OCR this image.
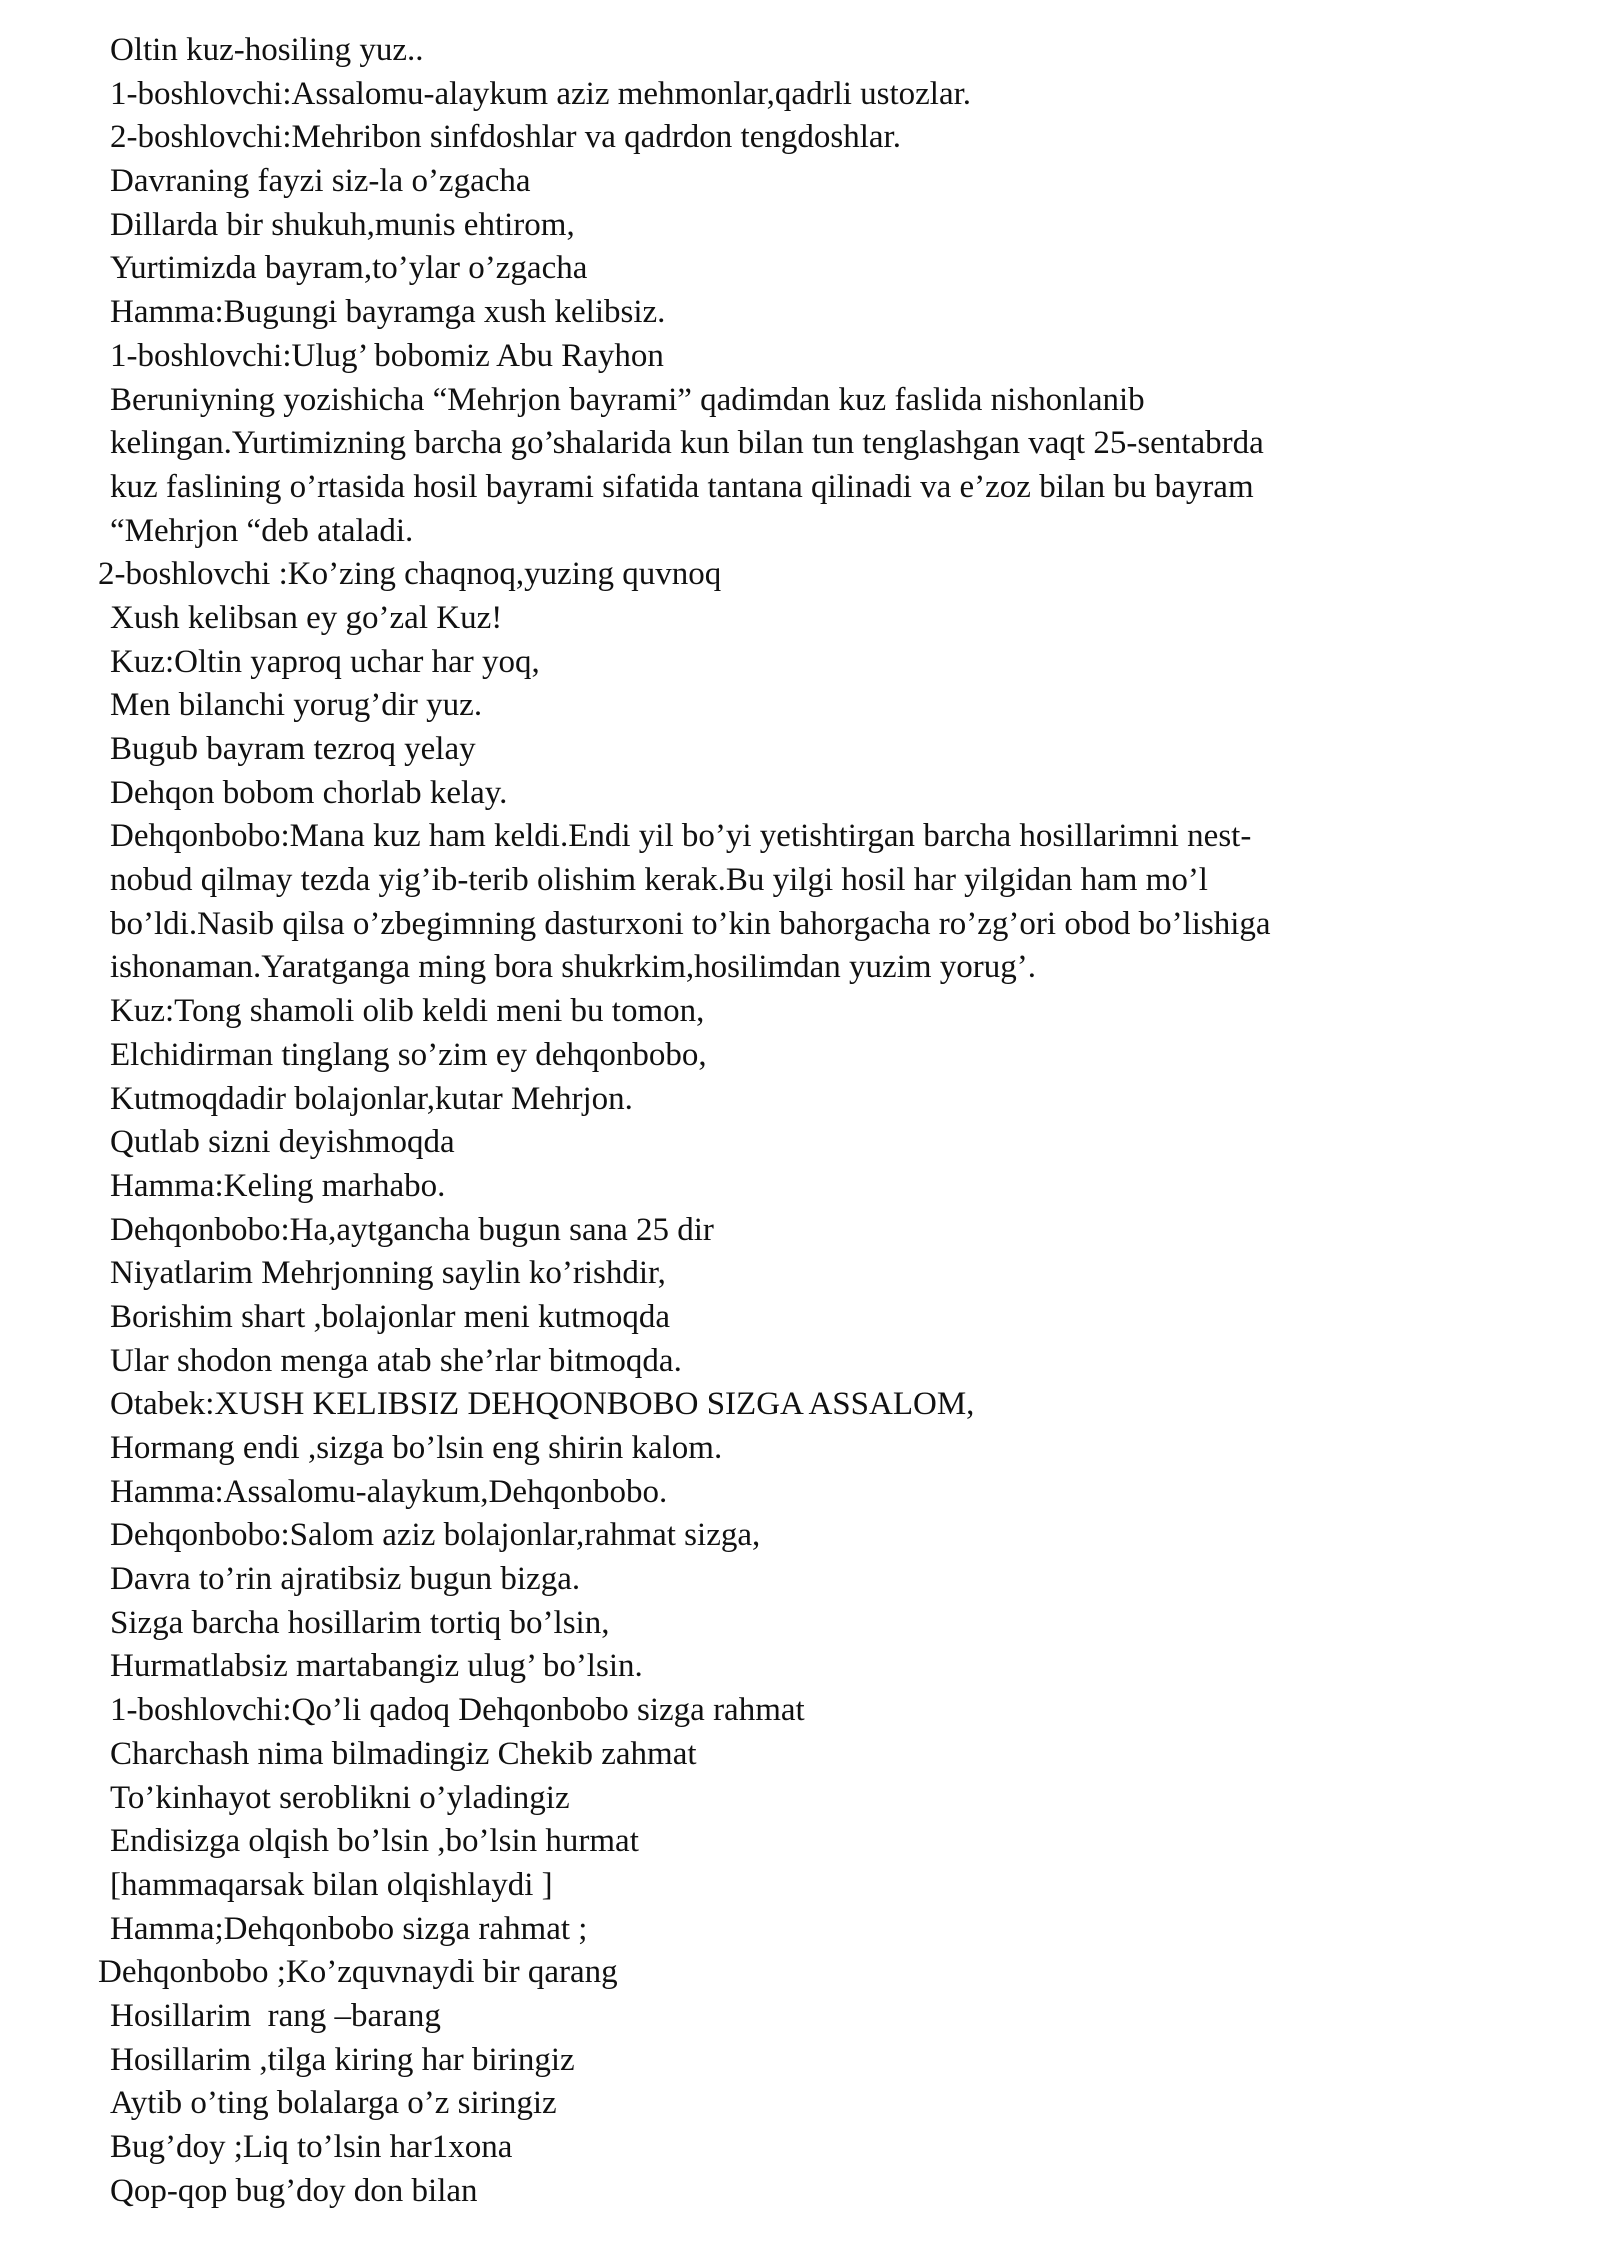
Oltin kuz-hosiling yuz..
1-boshlovchi:Assalomu-alaykum aziz mehmonlar,qadrli ustozlar.
2-boshlovchi:Mehribon sinfdoshlar va qadrdon tengdoshlar.
Davraning fayzi siz-la o’zgacha
Dillarda bir shukuh,munis ehtirom,
Yurtimizda bayram,to’ylar o’zgacha
Hamma:Bugungi bayramga xush kelibsiz.
1-boshlovchi:Ulug’ bobomiz Abu Rayhon
Beruniyning yozishicha “Mehrjon bayrami” qadimdan kuz faslida nishonlanib
kelingan.Yurtimizning barcha go’shalarida kun bilan tun tenglashgan vaqt 25-sentabrda
kuz faslining o’rtasida hosil bayrami sifatida tantana qilinadi va e’zoz bilan bu bayram
“Mehrjon “deb ataladi.
2-boshlovchi :Ko’zing chaqnoq,yuzing quvnoq
Xush kelibsan ey go’zal Kuz!
Kuz:Oltin yaproq uchar har yoq,
Men bilanchi yorug’dir yuz.
Bugub bayram tezroq yelay
Dehqon bobom chorlab kelay.
Dehqonbobo:Mana kuz ham keldi.Endi yil bo’yi yetishtirgan barcha hosillarimni nest-
nobud qilmay tezda yig’ib-terib olishim kerak.Bu yilgi hosil har yilgidan ham mo’l
bo’ldi.Nasib qilsa o’zbegimning dasturxoni to’kin bahorgacha ro’zg’ori obod bo’lishiga
ishonaman.Yaratganga ming bora shukrkim,hosilimdan yuzim yorug’.
Kuz:Tong shamoli olib keldi meni bu tomon,
Elchidirman tinglang so’zim ey dehqonbobo,
Kutmoqdadir bolajonlar,kutar Mehrjon.
Qutlab sizni deyishmoqda
Hamma:Keling marhabo.
Dehqonbobo:Ha,aytgancha bugun sana 25 dir
Niyatlarim Mehrjonning saylin ko’rishdir,
Borishim shart ,bolajonlar meni kutmoqda
Ular shodon menga atab she’rlar bitmoqda.
Otabek:XUSH KELIBSIZ DEHQONBOBO SIZGA ASSALOM,
Hormang endi ,sizga bo’lsin eng shirin kalom.
Hamma:Assalomu-alaykum,Dehqonbobo.
Dehqonbobo:Salom aziz bolajonlar,rahmat sizga,
Davra to’rin ajratibsiz bugun bizga.
Sizga barcha hosillarim tortiq bo’lsin,
Hurmatlabsiz martabangiz ulug’ bo’lsin.
1-boshlovchi:Qo’li qadoq Dehqonbobo sizga rahmat
Charchash nima bilmadingiz Chekib zahmat
To’kinhayot seroblikni o’yladingiz
Endisizga olqish bo’lsin ,bo’lsin hurmat
[hammaqarsak bilan olqishlaydi ]
Hamma;Dehqonbobo sizga rahmat ;
Dehqonbobo ;Ko’zquvnaydi bir qarang
Hosillarim  rang –barang
Hosillarim ,tilga kiring har biringiz
Aytib o’ting bolalarga o’z siringiz
Bug’doy ;Liq to’lsin har1xona
Qop-qop bug’doy don bilan
